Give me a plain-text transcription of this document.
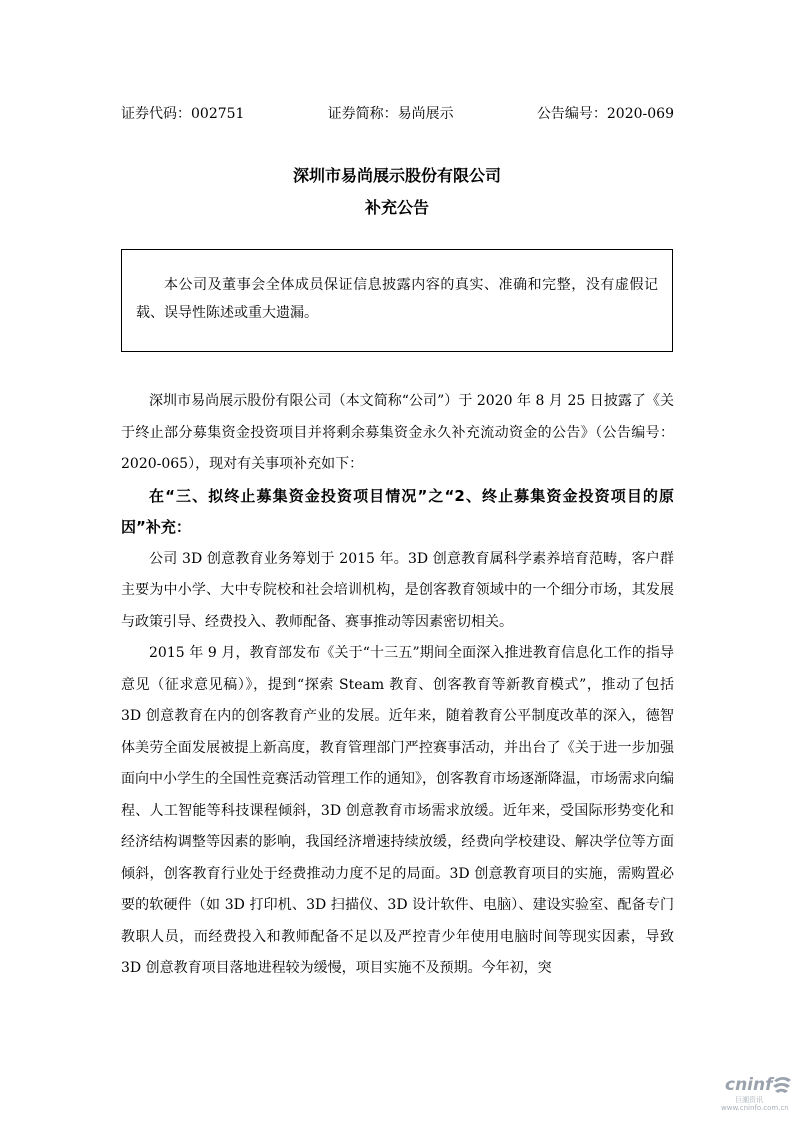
证券代码：002751	证券简称：易尚展示	公告编号：2020-069
深圳市易尚展示股份有限公司
补充公告
本公司及董事会全体成员保证信息披露内容的真实、准确和完整，没有虚假记载、误导性陈述或重大遗漏。

深圳市易尚展示股份有限公司（本文简称“公司”）于 2020 年 8 月 25 日披露了《关于终止部分募集资金投资项目并将剩余募集资金永久补充流动资金的公告》（公告编号：2020-065），现对有关事项补充如下：

在“三、拟终止募集资金投资项目情况”之“2、终止募集资金投资项目的原因”补充：

公司 3D 创意教育业务筹划于 2015 年。3D 创意教育属科学素养培育范畴，客户群主要为中小学、大中专院校和社会培训机构，是创客教育领域中的一个细分市场，其发展与政策引导、经费投入、教师配备、赛事推动等因素密切相关。

2015 年 9 月，教育部发布《关于“十三五”期间全面深入推进教育信息化工作的指导意见（征求意见稿）》，提到“探索 Steam 教育、创客教育等新教育模式”，推动了包括 3D 创意教育在内的创客教育产业的发展。近年来，随着教育公平制度改革的深入，德智体美劳全面发展被提上新高度，教育管理部门严控赛事活动，并出台了《关于进一步加强面向中小学生的全国性竞赛活动管理工作的通知》，创客教育市场逐渐降温，市场需求向编程、人工智能等科技课程倾斜，3D 创意教育市场需求放缓。近年来，受国际形势变化和经济结构调整等因素的影响，我国经济增速持续放缓，经费向学校建设、解决学位等方面倾斜，创客教育行业处于经费推动力度不足的局面。3D 创意教育项目的实施，需购置必要的软硬件（如 3D 打印机、3D 扫描仪、3D 设计软件、电脑）、建设实验室、配备专门教职人员，而经费投入和教师配备不足以及严控青少年使用电脑时间等现实因素，导致 3D 创意教育项目落地进程较为缓慢，项目实施不及预期。今年初，突

cninf
巨潮资讯
www.cninfo.com.cn
